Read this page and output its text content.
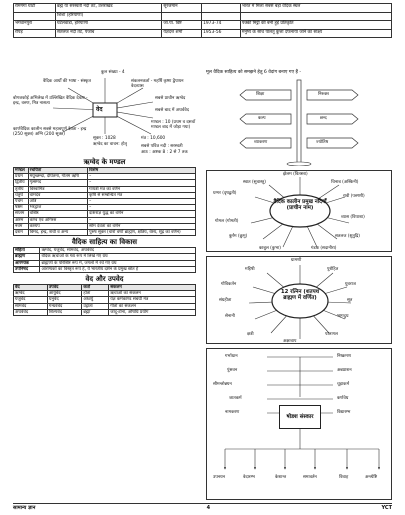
रामगंगा घाटी	ब्रह्म या सरस्वती नदी तट, उत्तराखंड	सूरजमान		भारत में मिला सबसे बड़ा वैदिक स्थल
	शिशा (हरियाणा)			
भगवानपुरा	घटेलवाडा, हरियाणा	जा.पा. विष्ट	1973-74	पक्की मिट्टी की बनी हुई प्रतिकृति
रोपड़	सतलज नदी तट, पंजाब	यज्ञदत्त शर्मा	1953-56	मनुष्य के साथ पालतू कुत्ता दफनाया जाने का साक्ष्य
वेद
कुल संख्या - 4
वैदिक आर्यों की भाषा - संस्कृत	संकलनकर्ता - महर्षि कृष्ण द्वैपायन वेदव्यास
बोगजकोई अभिलेख में उल्लिखित वैदिक देवता - इन्द्र, वरुण, मित्र नासत्य
सबसे प्राचीन ऋग्वेद
सबसे बाद में अथर्ववेद
मण्डल : 10 (प्रथम व दसवाँ मण्डल बाद में जोड़ा गया)
कार्णवैदिक कालीन सबसे महत्वपूर्ण देवता - इन्द्र (250 सूक्त) अग्नि (200 सूक्त)
सूक्त : 1028
ऋग्वेद का वाचन: होतृ
मंत्र : 10,600
सबसे पवित्र नदी : सरस्वती
आठ : अष्टक 8 : 2 से 7 तक
ऋग्वेद के मण्डल
मण्डल	रचयिता	विशेष
प्रथम	मधुच्छन्दा, दीर्घतमा, गौतम ऋषि	–
द्वितीय	गृत्समद	–
तृतीय	विश्वामित्र	गायत्री मंत्र का वर्णन
चतुर्थ	वामदेव	कृषि से सम्बन्धित मंत्र
पंचम	अत्रि	–
षष्ठम	भरद्वाज	–
सप्तम	वशिष्ठ	दाशराज्ञ युद्ध का वर्णन
अष्टम	कण्व एवं अंगिरस	–
नवम	कश्यप	सोम देवता का वर्णन
दशम	विमद, इन्द्र, शची व अन्य	पुरुष सूक्त (चारों वर्णों ब्राह्मण, क्षत्रिय, वैश्य, शूद्र का वर्णन)
वैदिक साहित्य का विकास
संहिता	ऋग्वेद, यजुर्वेद, सामवेद, अथर्ववेद
ब्राह्मण	वैदिक ऋचाओं के गद्य रूप में लिखे गए ग्रंथ
आरण्यक	ब्राह्मणों के परिशिष्ट रूप में, जंगलों में रचे गए ग्रंथ
उपनिषद	आरण्यकों का विस्तृत रूप है, ये भारतीय दर्शन के प्रमुख स्रोत हैं
वेद और उपवेद
वेद	उपवेद	कर्ता	संकलन
ऋग्वेद	आयुर्वेद	होता	ऋचाओं का संकलन
यजुर्वेद	धनुर्वेद	अध्वर्यु	यज्ञ कर्मकाण्ड संबंधी मंत्र
सामवेद	गन्धर्ववेद	उद्गाता	गीतों का संकलन
अथर्ववेद	शिल्पवेद	ब्रह्मा	जादू-टोना, औषधि प्रयोग
मूल वैदिक साहित्य को समझने हेतु 6 वेदांग बनाए गए हैं -
शिक्षा	निरुक्त
कल्प	छन्द
व्याकरण	ज्योतिष
वैदिक कालीन प्रमुख नदियाँ (प्राचीन नाम)
झेलम (वितस्ता)
व्यास (विपाशा)
चिनाब (अस्किनी)
घग्गर (दृषद्वती)
रावी (परुष्णी)
सतलज (शुतुद्रि)
गोमल (गोमती)
स्वात (सुवास्तु)
कुर्रम (क्रुमु)
काबुल (कुभा)	गंडक (सदानीरा)
12 रत्निन (शतपथ ब्राह्मण में वर्णित)
ग्रामणी
सूत
सेनानी
महिषी	पुरोहित
भागदुध
युवराज
संग्रहीता
अक्षावाप
क्षत्री
गोविकर्तन
पालागल
षोडश संस्कार
गर्भाधान
पुंसवन
सीमन्तोन्नयन
जातकर्म
नामकरण
निष्क्रमण
अन्नप्राशन
चूड़ाकर्म
कर्णवेध
विद्यारम्भ
उपनयन	वेदारम्भ	केशान्त	समावर्तन	विवाह	अन्त्येष्टि
सामान्य ज्ञान	4	YCT
